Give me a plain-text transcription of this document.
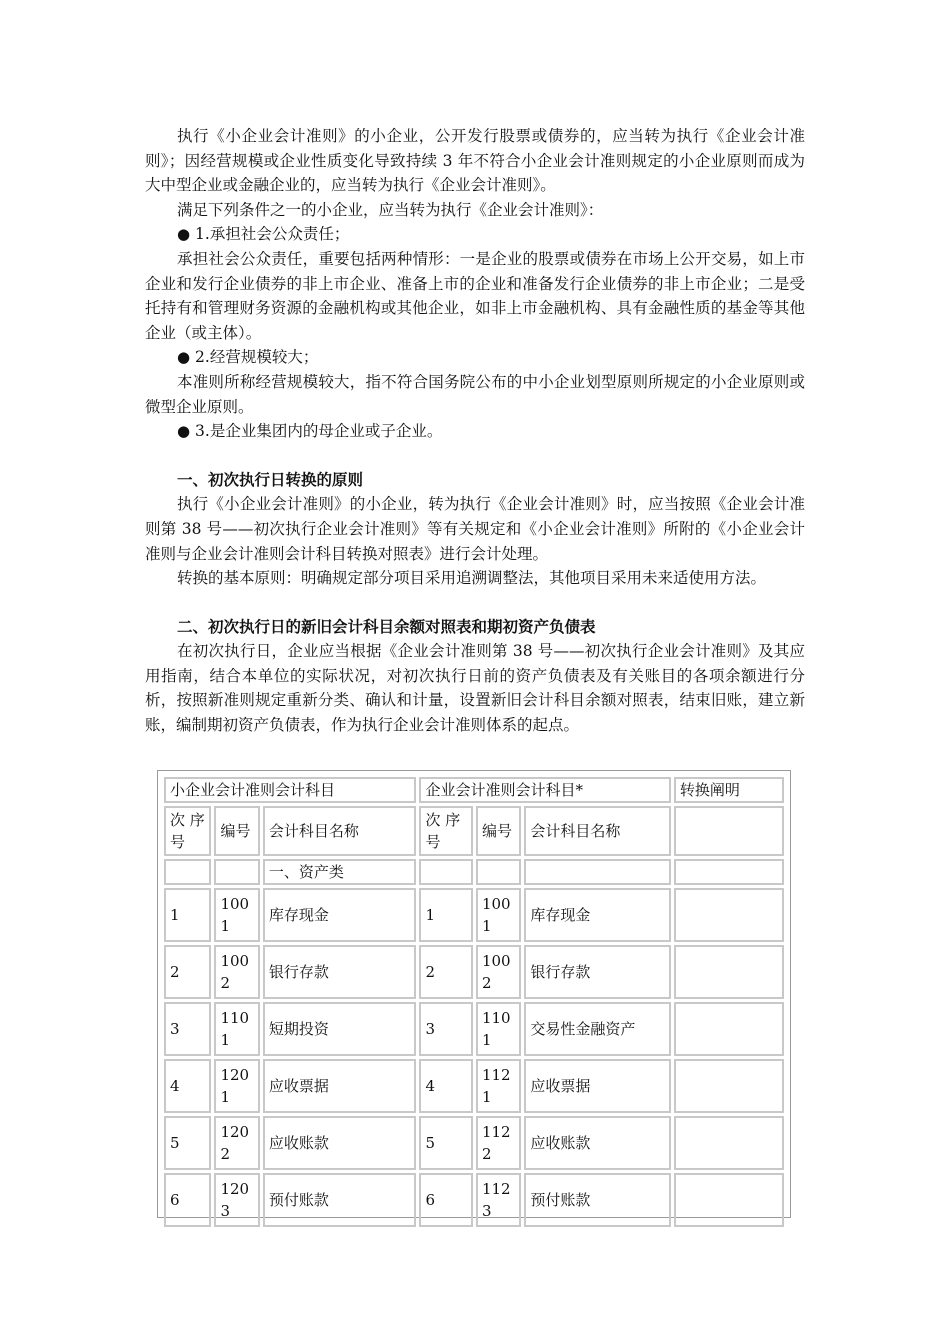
执行《小企业会计准则》的小企业，公开发行股票或债券的，应当转为执行《企业会计准则》；因经营规模或企业性质变化导致持续 3 年不符合小企业会计准则规定的小企业原则而成为大中型企业或金融企业的，应当转为执行《企业会计准则》。

满足下列条件之一的小企业，应当转为执行《企业会计准则》：

● 1.承担社会公众责任；

承担社会公众责任，重要包括两种情形：一是企业的股票或债券在市场上公开交易，如上市企业和发行企业债券的非上市企业、准备上市的企业和准备发行企业债券的非上市企业；二是受托持有和管理财务资源的金融机构或其他企业，如非上市金融机构、具有金融性质的基金等其他企业（或主体）。

● 2.经营规模较大；

本准则所称经营规模较大，指不符合国务院公布的中小企业划型原则所规定的小企业原则或微型企业原则。

● 3.是企业集团内的母企业或子企业。

一、初次执行日转换的原则

执行《小企业会计准则》的小企业，转为执行《企业会计准则》时，应当按照《企业会计准则第 38 号——初次执行企业会计准则》等有关规定和《小企业会计准则》所附的《小企业会计准则与企业会计准则会计科目转换对照表》进行会计处理。

转换的基本原则：明确规定部分项目采用追溯调整法，其他项目采用未来适使用方法。

二、初次执行日的新旧会计科目余额对照表和期初资产负债表

在初次执行日，企业应当根据《企业会计准则第 38 号——初次执行企业会计准则》及其应用指南，结合本单位的实际状况，对初次执行日前的资产负债表及有关账目的各项余额进行分析，按照新准则规定重新分类、确认和计量，设置新旧会计科目余额对照表，结束旧账，建立新账，编制期初资产负债表，作为执行企业会计准则体系的起点。

小企业会计准则会计科目			企业会计准则会计科目*			转换阐明
次 序号	编号	会计科目名称	次 序号	编号	会计科目名称	
		一、资产类				
1	1001	库存现金	1	1001	库存现金	
2	1002	银行存款	2	1002	银行存款	
3	1101	短期投资	3	1101	交易性金融资产	
4	1201	应收票据	4	1121	应收票据	
5	1202	应收账款	5	1122	应收账款	
6	1203	预付账款	6	1123	预付账款	
